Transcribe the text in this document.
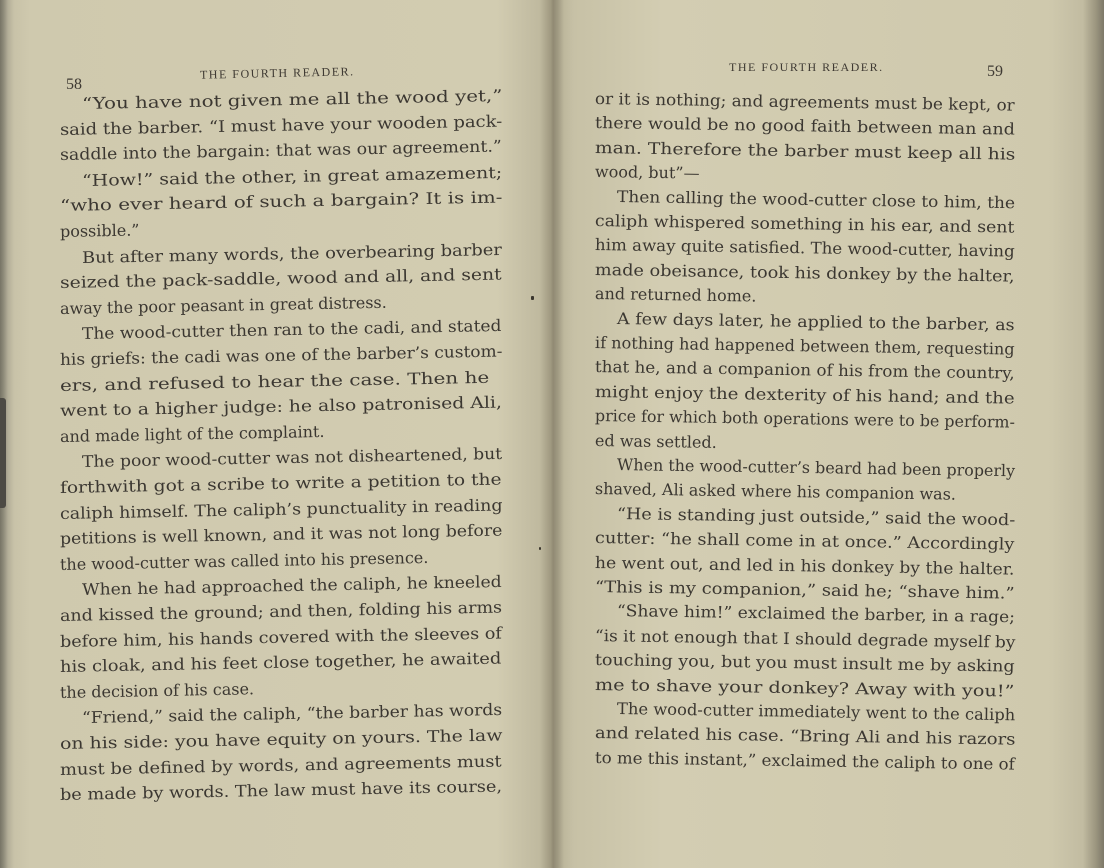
58
THE FOURTH READER.
“You have not given me all the wood yet,”
said the barber. “I must have your wooden pack-
saddle into the bargain: that was our agreement.”
“How!” said the other, in great amazement;
“who ever heard of such a bargain? It is im-
possible.”
But after many words, the overbearing barber
seized the pack-saddle, wood and all, and sent
away the poor peasant in great distress.
The wood-cutter then ran to the cadi, and stated
his griefs: the cadi was one of the barber’s custom-
ers, and refused to hear the case. Then he
went to a higher judge: he also patronised Ali,
and made light of the complaint.
The poor wood-cutter was not disheartened, but
forthwith got a scribe to write a petition to the
caliph himself. The caliph’s punctuality in reading
petitions is well known, and it was not long before
the wood-cutter was called into his presence.
When he had approached the caliph, he kneeled
and kissed the ground; and then, folding his arms
before him, his hands covered with the sleeves of
his cloak, and his feet close together, he awaited
the decision of his case.
“Friend,” said the caliph, “the barber has words
on his side: you have equity on yours. The law
must be defined by words, and agreements must
be made by words. The law must have its course,
THE FOURTH READER.	59
or it is nothing; and agreements must be kept, or
there would be no good faith between man and
man. Therefore the barber must keep all his
wood, but”—
Then calling the wood-cutter close to him, the
caliph whispered something in his ear, and sent
him away quite satisfied. The wood-cutter, having
made obeisance, took his donkey by the halter,
and returned home.
A few days later, he applied to the barber, as
if nothing had happened between them, requesting
that he, and a companion of his from the country,
might enjoy the dexterity of his hand; and the
price for which both operations were to be perform-
ed was settled.
When the wood-cutter’s beard had been properly
shaved, Ali asked where his companion was.
“He is standing just outside,” said the wood-
cutter: “he shall come in at once.” Accordingly
he went out, and led in his donkey by the halter.
“This is my companion,” said he; “shave him.”
“Shave him!” exclaimed the barber, in a rage;
“is it not enough that I should degrade myself by
touching you, but you must insult me by asking
me to shave your donkey? Away with you!”
The wood-cutter immediately went to the caliph
and related his case. “Bring Ali and his razors
to me this instant,” exclaimed the caliph to one of
